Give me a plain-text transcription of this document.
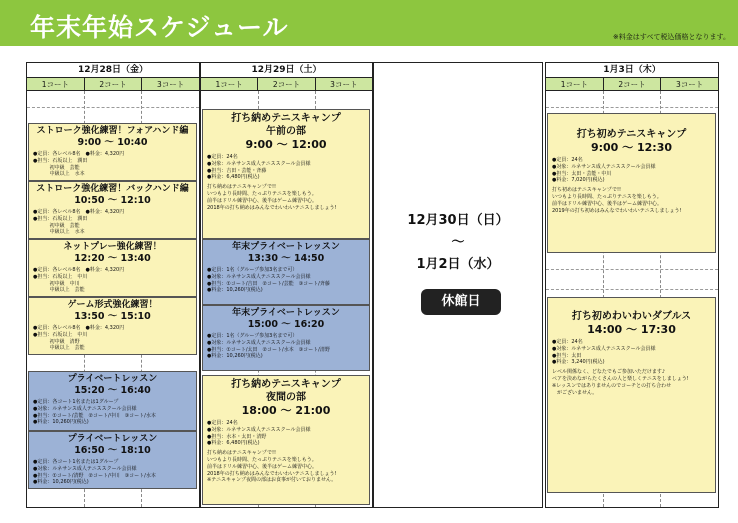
年末年始スケジュール	※料金はすべて税込価格となります。
12月28日（金）
1コート	2コート	3コート
ストローク強化練習！フォアハンド編
9:00 〜 10:40
●定員：各レベル8名　●料金：4,320円
●担当：石坂以上　潤田
　　　 初中級　芸能
　　　 中級以上　水本
ストローク強化練習！バックハンド編
10:50 〜 12:10
●定員：各レベル8名　●料金：4,320円
●担当：石坂以上　潤田
　　　 初中級　芸能
　　　 中級以上　水本
ネットプレー強化練習！
12:20 〜 13:40
●定員：各レベル8名　●料金：4,320円
●担当：石坂以上　中川
　　　 初中級　中川
　　　 中級以上　芸能
ゲーム形式強化練習！
13:50 〜 15:10
●定員：各レベル8名　●料金：4,320円
●担当：石坂以上　中川
　　　 初中級　清野
　　　 中級以上　芸能
プライベートレッスン
15:20 〜 16:40
●定員：各コート1名または1グループ
●対象：ルネサンス成人テニススクール会員様
●担当：①コート/芸能　②コート/中川　③コート/水本
●料金：10,260円(税込)
プライベートレッスン
16:50 〜 18:10
●定員：各コート1名または1グループ
●対象：ルネサンス成人テニススクール会員様
●担当：①コート/清野　②コート/中川　③コート/水本
●料金：10,260円(税込)
12月29日（土）
1コート	2コート	3コート
打ち納めテニスキャンプ
午前の部
9:00 〜 12:00
●定員：24名
●対象：ルネサンス成人テニススクール会員様
●担当：吉田・芸能・斉藤
●料金：6,480円(税込)
打ち納めはテニスキャンプで!!
いつもより長時間、たっぷりテニスを楽しもう。
前半はドリル練習中心、後半はゲーム練習中心。
2018年の打ち納めはみんなでわいわいテニスしましょう!
年末プライベートレッスン
13:30 〜 14:50
●定員：1名（グループ参加3名まで可）
●対象：ルネサンス成人テニススクール会員様
●担当：①コート/吉田　②コート/芸能　③コート/斉藤
●料金：10,260円(税込)
年末プライベートレッスン
15:00 〜 16:20
●定員：1名（グループ参加3名まで可）
●対象：ルネサンス成人テニススクール会員様
●担当：①コート/太田　②コート/水本　③コート/清野
●料金：10,260円(税込)
打ち納めテニスキャンプ
夜間の部
18:00 〜 21:00
●定員：24名
●対象：ルネサンス成人テニススクール会員様
●担当：水本・太田・清野
●料金：6,480円(税込)
打ち納めはテニスキャンプで!!
いつもより長時間、たっぷりテニスを楽しもう。
前半はドリル練習中心、後半はゲーム練習中心。
2018年の打ち納めはみんなでわいわいテニスしましょう!
※テニスキャンプ夜間の部はお食事が付いておりません。
12月30日（日）
〜
1月2日（水）
休館日
1月3日（木）
1コート	2コート	3コート
打ち初めテニスキャンプ
9:00 〜 12:30
●定員：24名
●対象：ルネサンス成人テニススクール会員様
●担当：太田・芸能・中川
●料金：7,020円(税込)
打ち初めはテニスキャンプで!!
いつもより長時間、たっぷりテニスを楽しもう。
前半はドリル練習中心、後半はゲーム練習中心。
2019年の打ち初めはみんなでわいわいテニスしましょう!
打ち初めわいわいダブルス
14:00 〜 17:30
●定員：24名
●対象：ルネサンス成人テニススクール会員様
●担当：太田
●料金：3,240円(税込)
レベル関係なく、どなたでもご参加いただけます♪
ペアを決めながらたくさんの人と楽しくテニスをしましょう!
※レッスンではありませんのでコーチとの打ち合わせ
　がございません。
